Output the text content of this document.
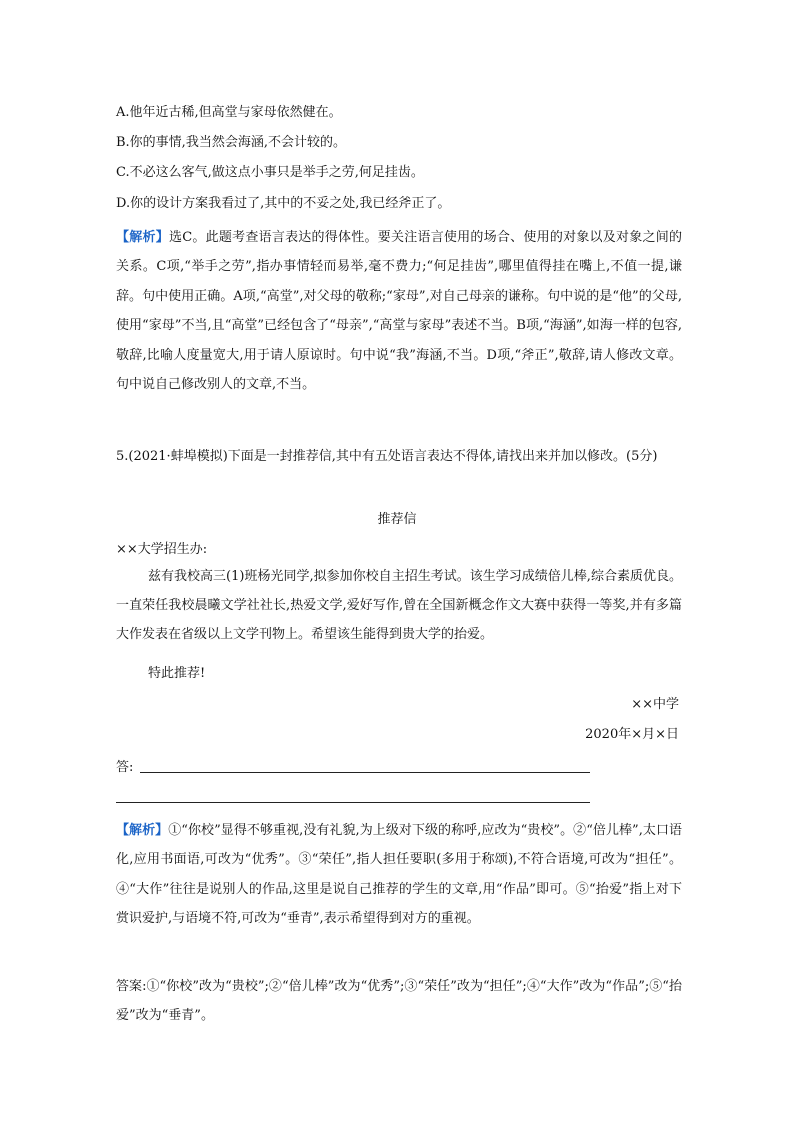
A.他年近古稀,但高堂与家母依然健在。
B.你的事情,我当然会海涵,不会计较的。
C.不必这么客气,做这点小事只是举手之劳,何足挂齿。
D.你的设计方案我看过了,其中的不妥之处,我已经斧正了。
【解析】选C。此题考查语言表达的得体性。要关注语言使用的场合、使用的对象以及对象之间的关系。C项,“举手之劳”,指办事情轻而易举,毫不费力;“何足挂齿”,哪里值得挂在嘴上,不值一提,谦辞。句中使用正确。A项,“高堂”,对父母的敬称;“家母”,对自己母亲的谦称。句中说的是“他”的父母,使用“家母”不当,且“高堂”已经包含了“母亲”,“高堂与家母”表述不当。B项,“海涵”,如海一样的包容,敬辞,比喻人度量宽大,用于请人原谅时。句中说“我”海涵,不当。D项,“斧正”,敬辞,请人修改文章。句中说自己修改别人的文章,不当。
5.(2021·蚌埠模拟)下面是一封推荐信,其中有五处语言表达不得体,请找出来并加以修改。(5分)
推荐信
××大学招生办:
兹有我校高三(1)班杨光同学,拟参加你校自主招生考试。该生学习成绩倍儿棒,综合素质优良。一直荣任我校晨曦文学社社长,热爱文学,爱好写作,曾在全国新概念作文大赛中获得一等奖,并有多篇大作发表在省级以上文学刊物上。希望该生能得到贵大学的抬爱。
特此推荐!
××中学
2020年×月×日
答:
【解析】①“你校”显得不够重视,没有礼貌,为上级对下级的称呼,应改为“贵校”。②“倍儿棒”,太口语化,应用书面语,可改为“优秀”。③“荣任”,指人担任要职(多用于称颂),不符合语境,可改为“担任”。④“大作”往往是说别人的作品,这里是说自己推荐的学生的文章,用“作品”即可。⑤“抬爱”指上对下赏识爱护,与语境不符,可改为“垂青”,表示希望得到对方的重视。
答案:①“你校”改为“贵校”;②“倍儿棒”改为“优秀”;③“荣任”改为“担任”;④“大作”改为“作品”;⑤“抬爱”改为“垂青”。
